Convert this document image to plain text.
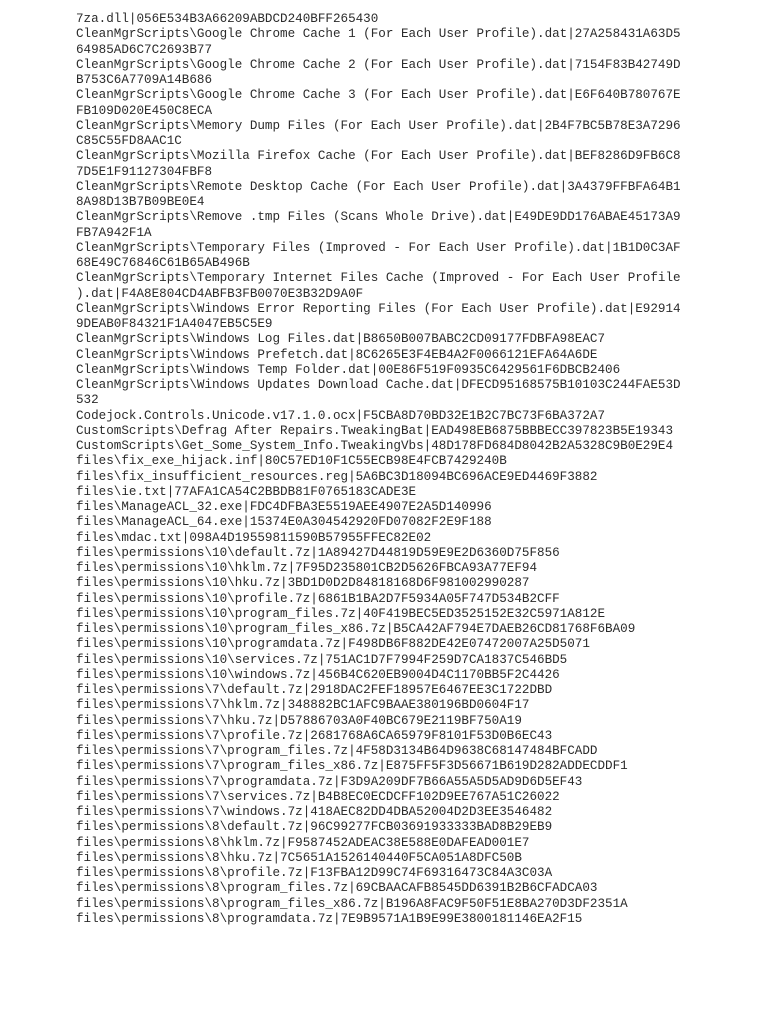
7za.dll|056E534B3A66209ABDCD240BFF265430
CleanMgrScripts\Google Chrome Cache 1 (For Each User Profile).dat|27A258431A63D5
64985AD6C7C2693B77
CleanMgrScripts\Google Chrome Cache 2 (For Each User Profile).dat|7154F83B42749D
B753C6A7709A14B686
CleanMgrScripts\Google Chrome Cache 3 (For Each User Profile).dat|E6F640B780767E
FB109D020E450C8ECA
CleanMgrScripts\Memory Dump Files (For Each User Profile).dat|2B4F7BC5B78E3A7296
C85C55FD8AAC1C
CleanMgrScripts\Mozilla Firefox Cache (For Each User Profile).dat|BEF8286D9FB6C8
7D5E1F91127304FBF8
CleanMgrScripts\Remote Desktop Cache (For Each User Profile).dat|3A4379FFBFA64B1
8A98D13B7B09BE0E4
CleanMgrScripts\Remove .tmp Files (Scans Whole Drive).dat|E49DE9DD176ABAE45173A9
FB7A942F1A
CleanMgrScripts\Temporary Files (Improved - For Each User Profile).dat|1B1D0C3AF
68E49C76846C61B65AB496B
CleanMgrScripts\Temporary Internet Files Cache (Improved - For Each User Profile
).dat|F4A8E804CD4ABFB3FB0070E3B32D9A0F
CleanMgrScripts\Windows Error Reporting Files (For Each User Profile).dat|E92914
9DEAB0F84321F1A4047EB5C5E9
CleanMgrScripts\Windows Log Files.dat|B8650B007BABC2CD09177FDBFA98EAC7
CleanMgrScripts\Windows Prefetch.dat|8C6265E3F4EB4A2F0066121EFA64A6DE
CleanMgrScripts\Windows Temp Folder.dat|00E86F519F0935C6429561F6DBCB2406
CleanMgrScripts\Windows Updates Download Cache.dat|DFECD95168575B10103C244FAE53D
532
Codejock.Controls.Unicode.v17.1.0.ocx|F5CBA8D70BD32E1B2C7BC73F6BA372A7
CustomScripts\Defrag After Repairs.TweakingBat|EAD498EB6875BBBECC397823B5E19343
CustomScripts\Get_Some_System_Info.TweakingVbs|48D178FD684D8042B2A5328C9B0E29E4
files\fix_exe_hijack.inf|80C57ED10F1C55ECB98E4FCB7429240B
files\fix_insufficient_resources.reg|5A6BC3D18094BC696ACE9ED4469F3882
files\ie.txt|77AFA1CA54C2BBDB81F0765183CADE3E
files\ManageACL_32.exe|FDC4DFBA3E5519AEE4907E2A5D140996
files\ManageACL_64.exe|15374E0A304542920FD07082F2E9F188
files\mdac.txt|098A4D19559811590B57955FFEC82E02
files\permissions\10\default.7z|1A89427D44819D59E9E2D6360D75F856
files\permissions\10\hklm.7z|7F95D235801CB2D5626FBCA93A77EF94
files\permissions\10\hku.7z|3BD1D0D2D84818168D6F981002990287
files\permissions\10\profile.7z|6861B1BA2D7F5934A05F747D534B2CFF
files\permissions\10\program_files.7z|40F419BEC5ED3525152E32C5971A812E
files\permissions\10\program_files_x86.7z|B5CA42AF794E7DAEB26CD81768F6BA09
files\permissions\10\programdata.7z|F498DB6F882DE42E07472007A25D5071
files\permissions\10\services.7z|751AC1D7F7994F259D7CA1837C546BD5
files\permissions\10\windows.7z|456B4C620EB9004D4C1170BB5F2C4426
files\permissions\7\default.7z|2918DAC2FEF18957E6467EE3C1722DBD
files\permissions\7\hklm.7z|348882BC1AFC9BAAE380196BD0604F17
files\permissions\7\hku.7z|D57886703A0F40BC679E2119BF750A19
files\permissions\7\profile.7z|2681768A6CA65979F8101F53D0B6EC43
files\permissions\7\program_files.7z|4F58D3134B64D9638C68147484BFCADD
files\permissions\7\program_files_x86.7z|E875FF5F3D56671B619D282ADDECDDF1
files\permissions\7\programdata.7z|F3D9A209DF7B66A55A5D5AD9D6D5EF43
files\permissions\7\services.7z|B4B8EC0ECDCFF102D9EE767A51C26022
files\permissions\7\windows.7z|418AEC82DD4DBA52004D2D3EE3546482
files\permissions\8\default.7z|96C99277FCB03691933333BAD8B29EB9
files\permissions\8\hklm.7z|F9587452ADEAC38E588E0DAFEAD001E7
files\permissions\8\hku.7z|7C5651A1526140440F5CA051A8DFC50B
files\permissions\8\profile.7z|F13FBA12D99C74F69316473C84A3C03A
files\permissions\8\program_files.7z|69CBAACAFB8545DD6391B2B6CFADCA03
files\permissions\8\program_files_x86.7z|B196A8FAC9F50F51E8BA270D3DF2351A
files\permissions\8\programdata.7z|7E9B9571A1B9E99E3800181146EA2F15
